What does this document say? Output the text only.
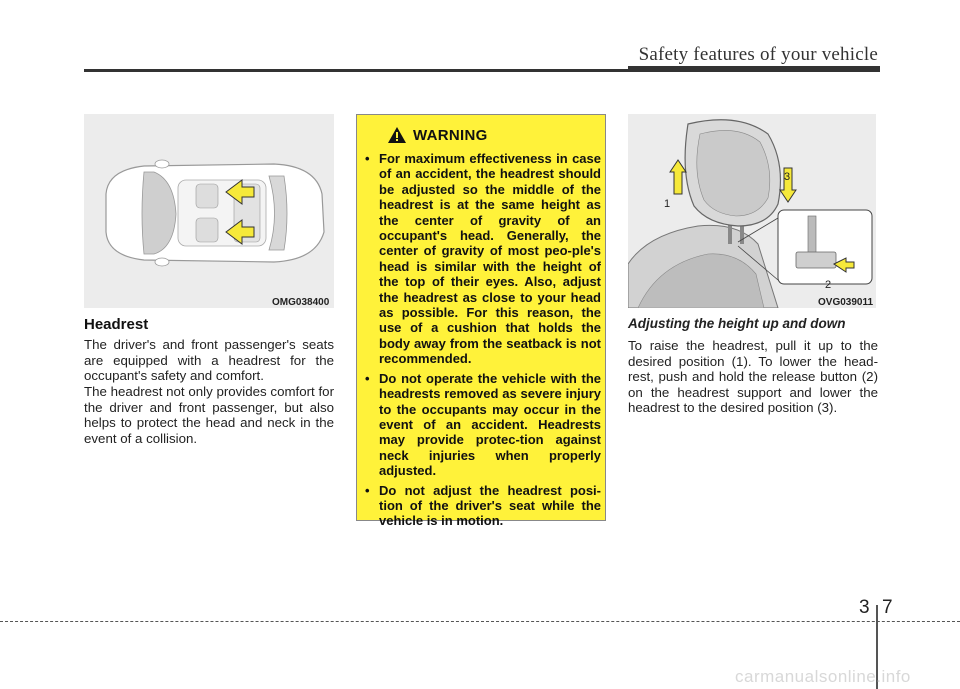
Safety features of your vehicle
OMG038400
Headrest
The driver's and front passenger's seats are equipped with a headrest for the occupant's safety and comfort.
The headrest not only provides comfort for the driver and front passenger, but also helps to protect the head and neck in the event of a collision.
WARNING
• For maximum effectiveness in case of an accident, the headrest should be adjusted so the middle of the headrest is at the same height as the center of gravity of an occupant's head. Generally, the center of gravity of most peo-ple's head is similar with the height of the top of their eyes. Also, adjust the headrest as close to your head as possible. For this reason, the use of a cushion that holds the body away from the seatback is not recommended.
• Do not operate the vehicle with the headrests removed as severe injury to the occupants may occur in the event of an accident. Headrests may provide protec-tion against neck injuries when properly adjusted.
• Do not adjust the headrest posi-tion of the driver's seat while the vehicle is in motion.
1
2
3
OVG039011
Adjusting the height up and down
To raise the headrest, pull it up to the desired position (1). To lower the head-rest, push and hold the release button (2) on the headrest support and lower the headrest to the desired position (3).
3 7
carmanualsonline.info
